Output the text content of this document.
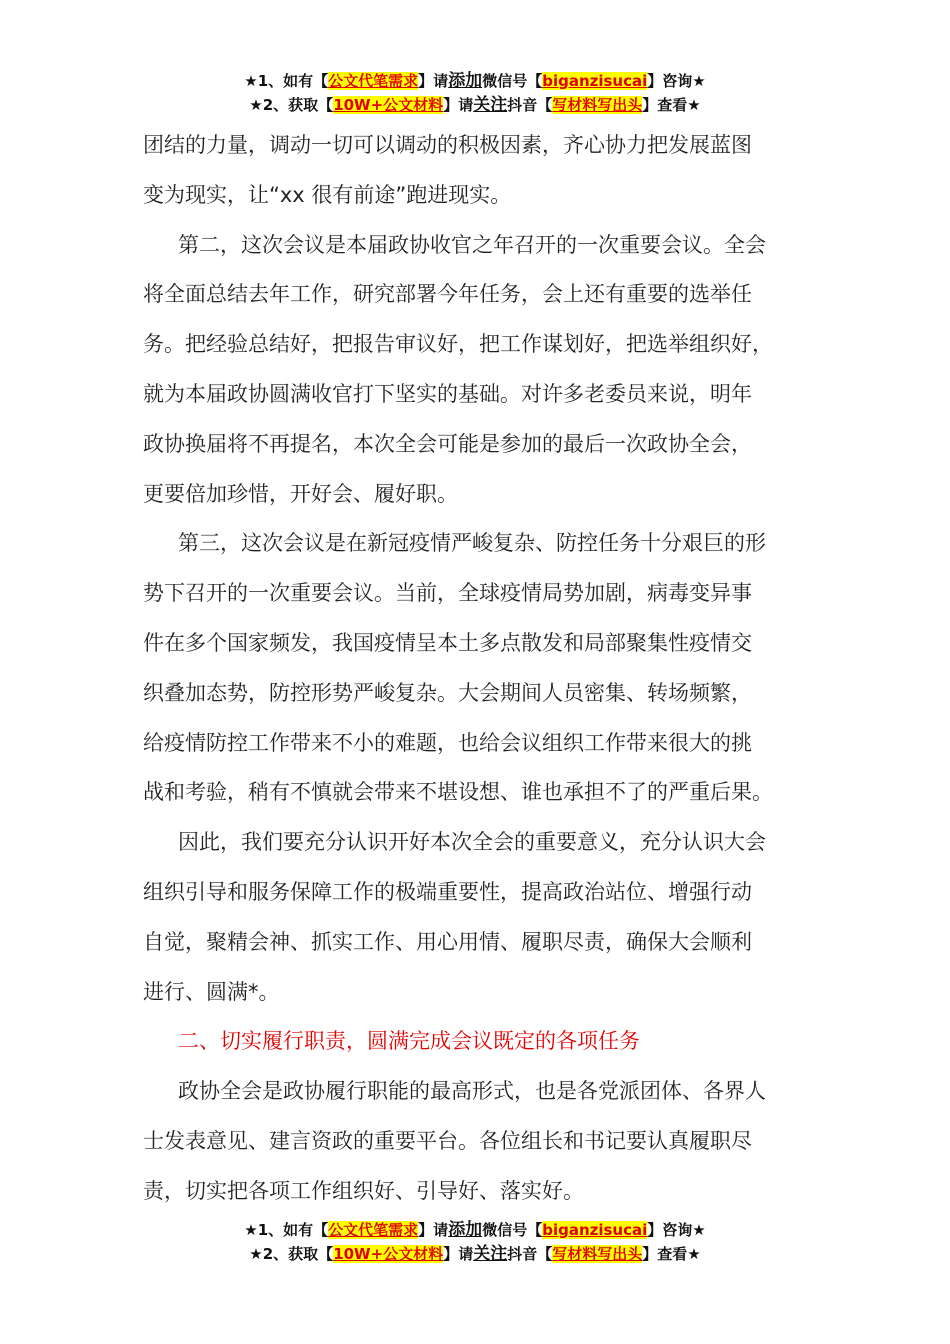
★1、如有【公文代笔需求】请添加微信号【biganzisucai】咨询★
★2、获取【10W+公文材料】请关注抖音【写材料写出头】查看★
团结的力量，调动一切可以调动的积极因素，齐心协力把发展蓝图
变为现实，让“xx 很有前途”跑进现实。
第二，这次会议是本届政协收官之年召开的一次重要会议。全会
将全面总结去年工作，研究部署今年任务，会上还有重要的选举任
务。把经验总结好，把报告审议好，把工作谋划好，把选举组织好，
就为本届政协圆满收官打下坚实的基础。对许多老委员来说，明年
政协换届将不再提名，本次全会可能是参加的最后一次政协全会，
更要倍加珍惜，开好会、履好职。
第三，这次会议是在新冠疫情严峻复杂、防控任务十分艰巨的形
势下召开的一次重要会议。当前，全球疫情局势加剧，病毒变异事
件在多个国家频发，我国疫情呈本土多点散发和局部聚集性疫情交
织叠加态势，防控形势严峻复杂。大会期间人员密集、转场频繁，
给疫情防控工作带来不小的难题，也给会议组织工作带来很大的挑
战和考验，稍有不慎就会带来不堪设想、谁也承担不了的严重后果。
因此，我们要充分认识开好本次全会的重要意义，充分认识大会
组织引导和服务保障工作的极端重要性，提高政治站位、增强行动
自觉，聚精会神、抓实工作、用心用情、履职尽责，确保大会顺利
进行、圆满*。
二、切实履行职责，圆满完成会议既定的各项任务
政协全会是政协履行职能的最高形式，也是各党派团体、各界人
士发表意见、建言资政的重要平台。各位组长和书记要认真履职尽
责，切实把各项工作组织好、引导好、落实好。
★1、如有【公文代笔需求】请添加微信号【biganzisucai】咨询★
★2、获取【10W+公文材料】请关注抖音【写材料写出头】查看★
